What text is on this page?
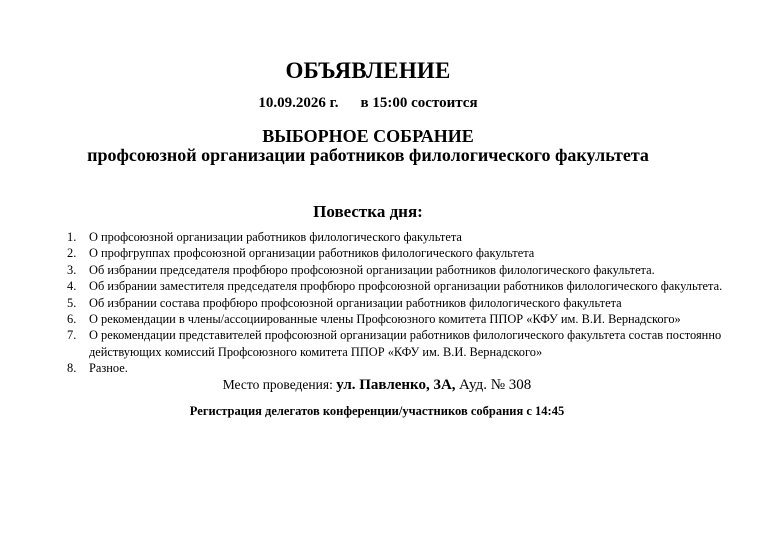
ОБЪЯВЛЕНИЕ
10.09.2026 г. в 15:00 состоится
ВЫБОРНОЕ СОБРАНИЕ
профсоюзной организации работников филологического факультета
Повестка дня:
1.	О профсоюзной организации работников филологического факультета
2.	О профгруппах профсоюзной организации работников филологического факультета
3.	Об избрании председателя профбюро профсоюзной организации работников филологического факультета.
4.	Об избрании заместителя председателя профбюро профсоюзной организации работников филологического факультета.
5.	Об избрании состава профбюро профсоюзной организации работников филологического факультета
6.	О рекомендации в члены/ассоциированные члены Профсоюзного комитета ППОР «КФУ им. В.И. Вернадского»
7.	О рекомендации представителей профсоюзной организации работников филологического факультета состав постоянно действующих комиссий Профсоюзного комитета ППОР «КФУ им. В.И. Вернадского»
8.	Разное.
Место проведения: ул. Павленко, 3А, Ауд. № 308
Регистрация делегатов конференции/участников собрания с 14:45
